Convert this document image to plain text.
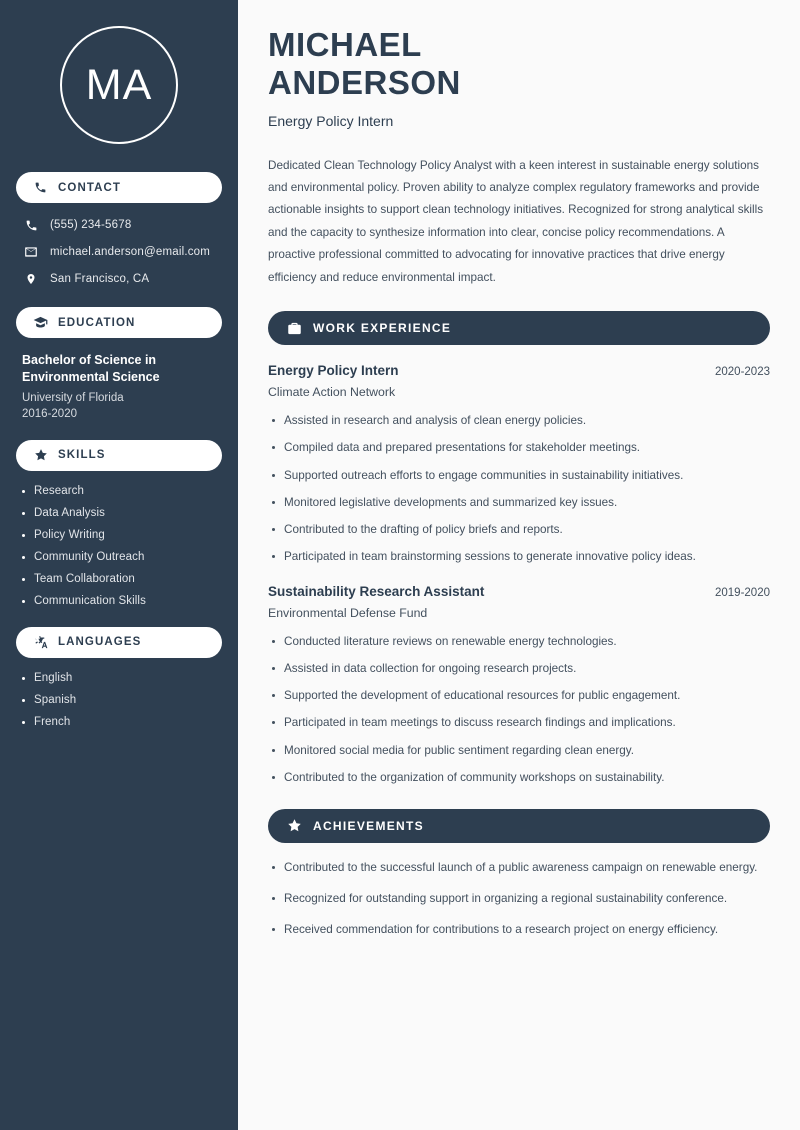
MA
CONTACT
(555) 234-5678
michael.anderson@email.com
San Francisco, CA
EDUCATION
Bachelor of Science in Environmental Science
University of Florida
2016-2020
SKILLS
Research
Data Analysis
Policy Writing
Community Outreach
Team Collaboration
Communication Skills
LANGUAGES
English
Spanish
French
MICHAEL
ANDERSON
Energy Policy Intern

Dedicated Clean Technology Policy Analyst with a keen interest in sustainable energy solutions and environmental policy. Proven ability to analyze complex regulatory frameworks and provide actionable insights to support clean technology initiatives. Recognized for strong analytical skills and the capacity to synthesize information into clear, concise policy recommendations. A proactive professional committed to advocating for innovative practices that drive energy efficiency and reduce environmental impact.

WORK EXPERIENCE
Energy Policy Intern	2020-2023
Climate Action Network
Assisted in research and analysis of clean energy policies.
Compiled data and prepared presentations for stakeholder meetings.
Supported outreach efforts to engage communities in sustainability initiatives.
Monitored legislative developments and summarized key issues.
Contributed to the drafting of policy briefs and reports.
Participated in team brainstorming sessions to generate innovative policy ideas.
Sustainability Research Assistant	2019-2020
Environmental Defense Fund
Conducted literature reviews on renewable energy technologies.
Assisted in data collection for ongoing research projects.
Supported the development of educational resources for public engagement.
Participated in team meetings to discuss research findings and implications.
Monitored social media for public sentiment regarding clean energy.
Contributed to the organization of community workshops on sustainability.
ACHIEVEMENTS
Contributed to the successful launch of a public awareness campaign on renewable energy.
Recognized for outstanding support in organizing a regional sustainability conference.
Received commendation for contributions to a research project on energy efficiency.
